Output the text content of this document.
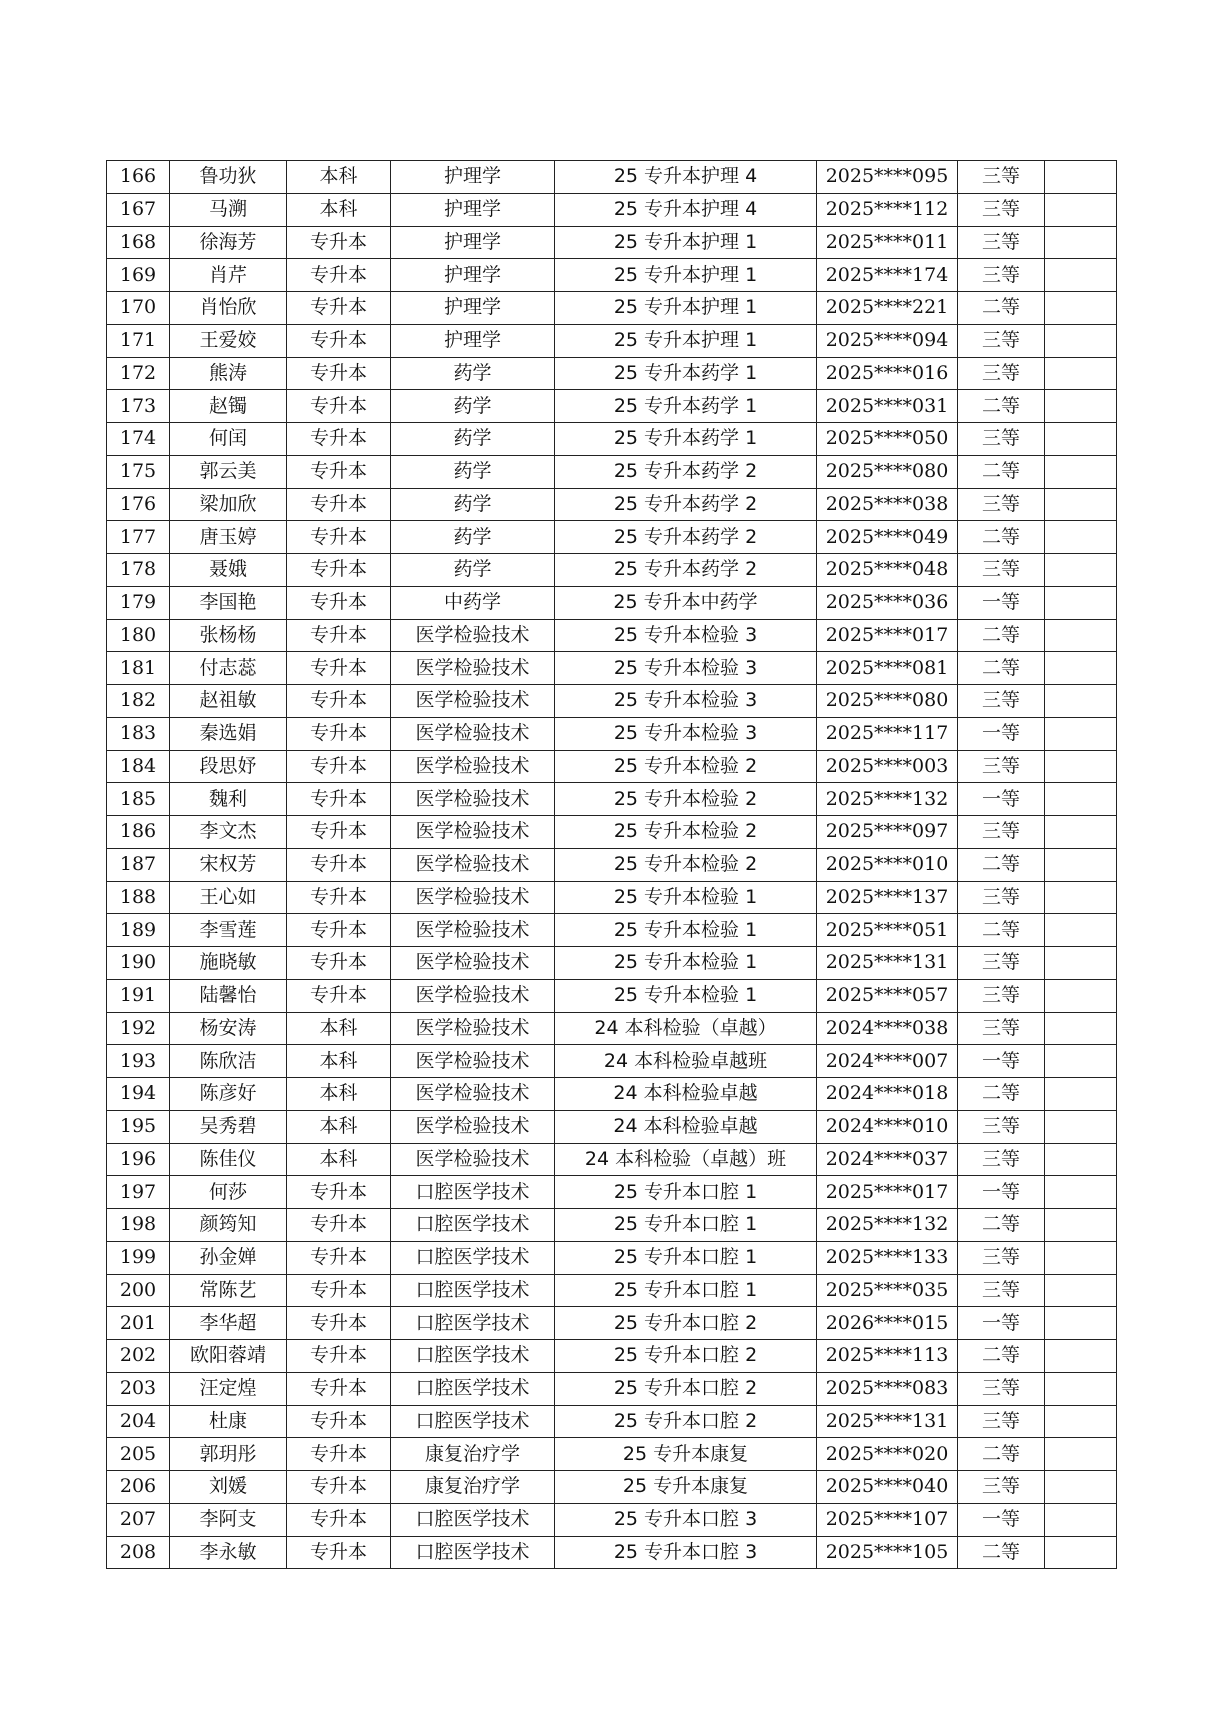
166	鲁功狄	本科	护理学	25 专升本护理 4	2025****095	三等	
167	马溯	本科	护理学	25 专升本护理 4	2025****112	三等	
168	徐海芳	专升本	护理学	25 专升本护理 1	2025****011	三等	
169	肖芹	专升本	护理学	25 专升本护理 1	2025****174	三等	
170	肖怡欣	专升本	护理学	25 专升本护理 1	2025****221	二等	
171	王爱姣	专升本	护理学	25 专升本护理 1	2025****094	三等	
172	熊涛	专升本	药学	25 专升本药学 1	2025****016	三等	
173	赵镯	专升本	药学	25 专升本药学 1	2025****031	二等	
174	何闰	专升本	药学	25 专升本药学 1	2025****050	三等	
175	郭云美	专升本	药学	25 专升本药学 2	2025****080	二等	
176	梁加欣	专升本	药学	25 专升本药学 2	2025****038	三等	
177	唐玉婷	专升本	药学	25 专升本药学 2	2025****049	二等	
178	聂娥	专升本	药学	25 专升本药学 2	2025****048	三等	
179	李国艳	专升本	中药学	25 专升本中药学	2025****036	一等	
180	张杨杨	专升本	医学检验技术	25 专升本检验 3	2025****017	二等	
181	付志蕊	专升本	医学检验技术	25 专升本检验 3	2025****081	二等	
182	赵祖敏	专升本	医学检验技术	25 专升本检验 3	2025****080	三等	
183	秦选娟	专升本	医学检验技术	25 专升本检验 3	2025****117	一等	
184	段思妤	专升本	医学检验技术	25 专升本检验 2	2025****003	三等	
185	魏利	专升本	医学检验技术	25 专升本检验 2	2025****132	一等	
186	李文杰	专升本	医学检验技术	25 专升本检验 2	2025****097	三等	
187	宋权芳	专升本	医学检验技术	25 专升本检验 2	2025****010	二等	
188	王心如	专升本	医学检验技术	25 专升本检验 1	2025****137	三等	
189	李雪莲	专升本	医学检验技术	25 专升本检验 1	2025****051	二等	
190	施晓敏	专升本	医学检验技术	25 专升本检验 1	2025****131	三等	
191	陆馨怡	专升本	医学检验技术	25 专升本检验 1	2025****057	三等	
192	杨安涛	本科	医学检验技术	24 本科检验（卓越）	2024****038	三等	
193	陈欣洁	本科	医学检验技术	24 本科检验卓越班	2024****007	一等	
194	陈彦好	本科	医学检验技术	24 本科检验卓越	2024****018	二等	
195	吴秀碧	本科	医学检验技术	24 本科检验卓越	2024****010	三等	
196	陈佳仪	本科	医学检验技术	24 本科检验（卓越）班	2024****037	三等	
197	何莎	专升本	口腔医学技术	25 专升本口腔 1	2025****017	一等	
198	颜筠知	专升本	口腔医学技术	25 专升本口腔 1	2025****132	二等	
199	孙金婵	专升本	口腔医学技术	25 专升本口腔 1	2025****133	三等	
200	常陈艺	专升本	口腔医学技术	25 专升本口腔 1	2025****035	三等	
201	李华超	专升本	口腔医学技术	25 专升本口腔 2	2026****015	一等	
202	欧阳蓉靖	专升本	口腔医学技术	25 专升本口腔 2	2025****113	二等	
203	汪定煌	专升本	口腔医学技术	25 专升本口腔 2	2025****083	三等	
204	杜康	专升本	口腔医学技术	25 专升本口腔 2	2025****131	三等	
205	郭玥彤	专升本	康复治疗学	25 专升本康复	2025****020	二等	
206	刘媛	专升本	康复治疗学	25 专升本康复	2025****040	三等	
207	李阿支	专升本	口腔医学技术	25 专升本口腔 3	2025****107	一等	
208	李永敏	专升本	口腔医学技术	25 专升本口腔 3	2025****105	二等	
